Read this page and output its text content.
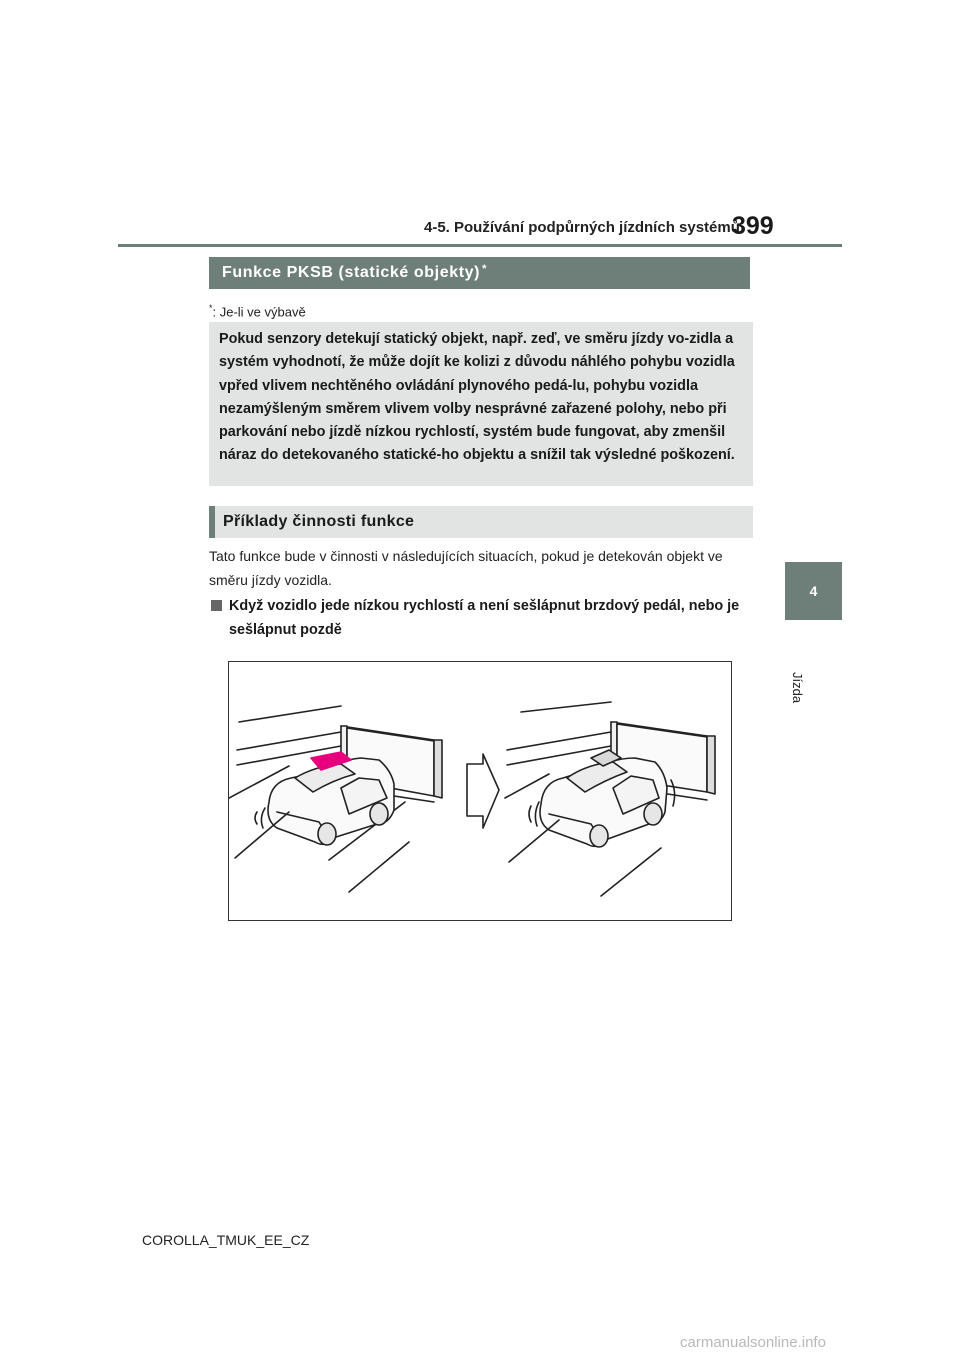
4-5. Používání podpůrných jízdních systémů
399
4
Jízda
Funkce PKSB (statické objekty)*
*: Je-li ve výbavě
Pokud senzory detekují statický objekt, např. zeď, ve směru jízdy vo-zidla a systém vyhodnotí, že může dojít ke kolizi z důvodu náhlého pohybu vozidla vpřed vlivem nechtěného ovládání plynového pedá-lu, pohybu vozidla nezamýšleným směrem vlivem volby nesprávné zařazené polohy, nebo při parkování nebo jízdě nízkou rychlostí, systém bude fungovat, aby zmenšil náraz do detekovaného statické-ho objektu a snížil tak výsledné poškození.
Příklady činnosti funkce
Tato funkce bude v činnosti v následujících situacích, pokud je detekován objekt ve směru jízdy vozidla.
Když vozidlo jede nízkou rychlostí a není sešlápnut brzdový pedál, nebo je sešlápnut pozdě
COROLLA_TMUK_EE_CZ
carmanualsonline.info
